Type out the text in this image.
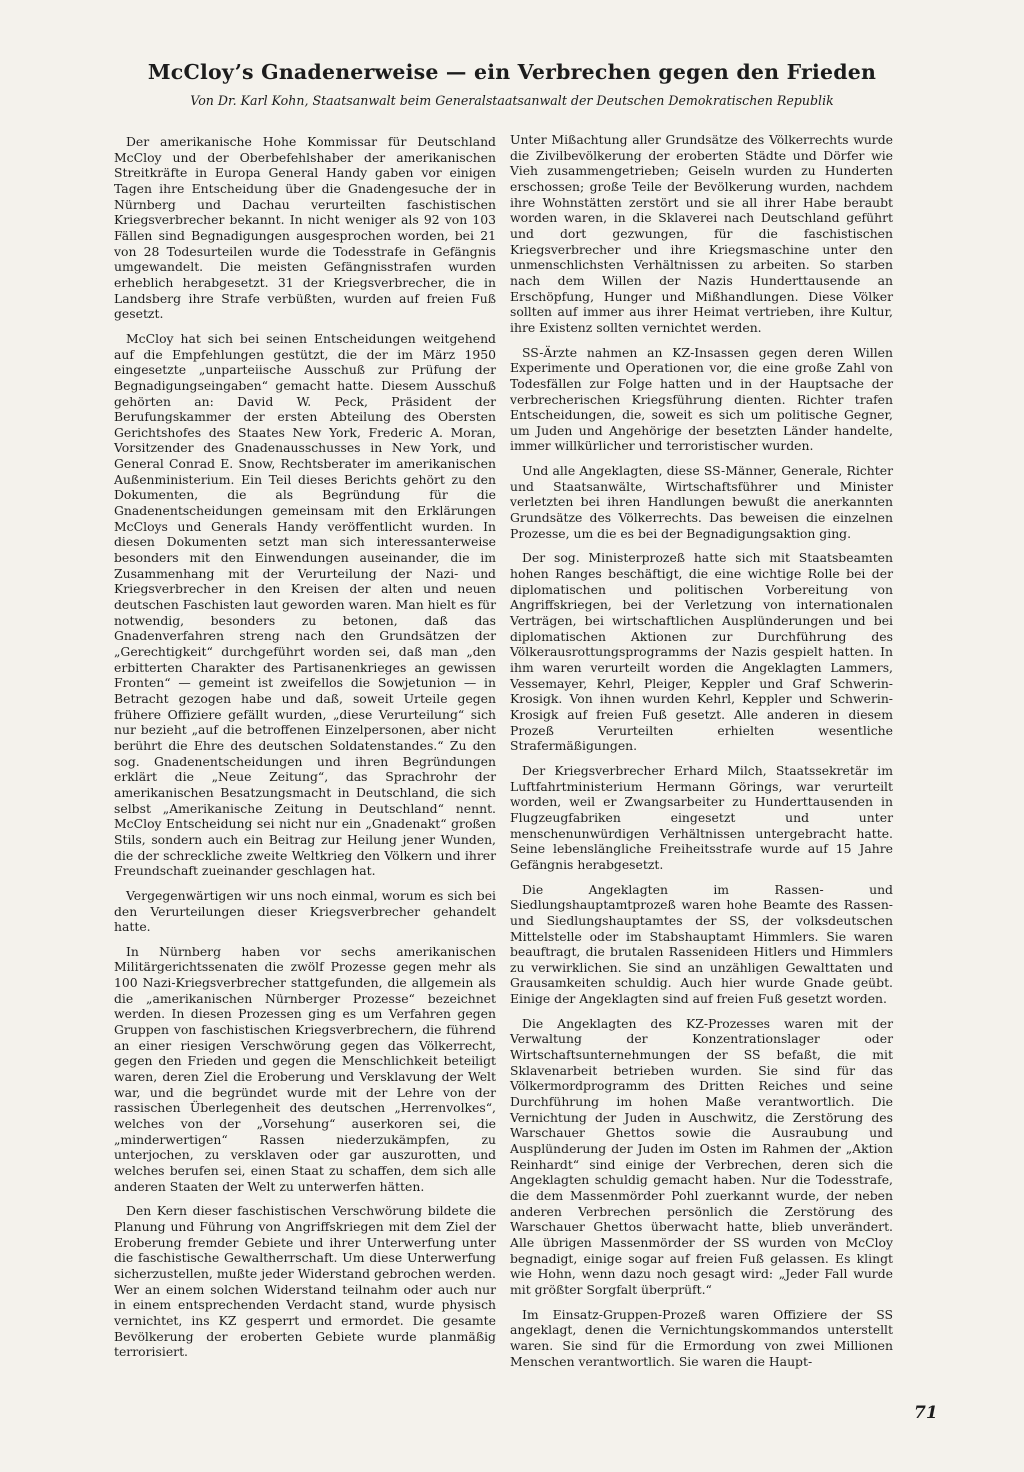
McCloy’s Gnadenerweise — ein Verbrechen gegen den Frieden
Von Dr. Karl Kohn, Staatsanwalt beim Generalstaatsanwalt der Deutschen Demokratischen Republik

Der amerikanische Hohe Kommissar für Deutschland McCloy und der Oberbefehlshaber der amerikanischen Streitkräfte in Europa General Handy gaben vor einigen Tagen ihre Entscheidung über die Gnadengesuche der in Nürnberg und Dachau verurteilten faschistischen Kriegsverbrecher bekannt. In nicht weniger als 92 von 103 Fällen sind Begnadigungen ausgesprochen worden, bei 21 von 28 Todesurteilen wurde die Todesstrafe in Gefängnis umgewandelt. Die meisten Gefängnisstrafen wurden erheblich herabgesetzt. 31 der Kriegsverbrecher, die in Landsberg ihre Strafe verbüßten, wurden auf freien Fuß gesetzt.

McCloy hat sich bei seinen Entscheidungen weitgehend auf die Empfehlungen gestützt, die der im März 1950 eingesetzte „unparteiische Ausschuß zur Prüfung der Begnadigungseingaben“ gemacht hatte. Diesem Ausschuß gehörten an: David W. Peck, Präsident der Berufungskammer der ersten Abteilung des Obersten Gerichtshofes des Staates New York, Frederic A. Moran, Vorsitzender des Gnadenausschusses in New York, und General Conrad E. Snow, Rechtsberater im amerikanischen Außenministerium. Ein Teil dieses Berichts gehört zu den Dokumenten, die als Begründung für die Gnadenentscheidungen gemeinsam mit den Erklärungen McCloys und Generals Handy veröffentlicht wurden. In diesen Dokumenten setzt man sich interessanterweise besonders mit den Einwendungen auseinander, die im Zusammenhang mit der Verurteilung der Nazi- und Kriegsverbrecher in den Kreisen der alten und neuen deutschen Faschisten laut geworden waren. Man hielt es für notwendig, besonders zu betonen, daß das Gnadenverfahren streng nach den Grundsätzen der „Gerechtigkeit“ durchgeführt worden sei, daß man „den erbitterten Charakter des Partisanenkrieges an gewissen Fronten“ — gemeint ist zweifellos die Sowjetunion — in Betracht gezogen habe und daß, soweit Urteile gegen frühere Offiziere gefällt wurden, „diese Verurteilung“ sich nur bezieht „auf die betroffenen Einzelpersonen, aber nicht berührt die Ehre des deutschen Soldatenstandes.“ Zu den sog. Gnadenentscheidungen und ihren Begründungen erklärt die „Neue Zeitung“, das Sprachrohr der amerikanischen Besatzungsmacht in Deutschland, die sich selbst „Amerikanische Zeitung in Deutschland“ nennt. McCloy Entscheidung sei nicht nur ein „Gnadenakt“ großen Stils, sondern auch ein Beitrag zur Heilung jener Wunden, die der schreckliche zweite Weltkrieg den Völkern und ihrer Freundschaft zueinander geschlagen hat.

Vergegenwärtigen wir uns noch einmal, worum es sich bei den Verurteilungen dieser Kriegsverbrecher gehandelt hatte.

In Nürnberg haben vor sechs amerikanischen Militärgerichtssenaten die zwölf Prozesse gegen mehr als 100 Nazi-Kriegsverbrecher stattgefunden, die allgemein als die „amerikanischen Nürnberger Prozesse“ bezeichnet werden. In diesen Prozessen ging es um Verfahren gegen Gruppen von faschistischen Kriegsverbrechern, die führend an einer riesigen Verschwörung gegen das Völkerrecht, gegen den Frieden und gegen die Menschlichkeit beteiligt waren, deren Ziel die Eroberung und Versklavung der Welt war, und die begründet wurde mit der Lehre von der rassischen Überlegenheit des deutschen „Herrenvolkes“, welches von der „Vorsehung“ auserkoren sei, die „minderwertigen“ Rassen niederzukämpfen, zu unterjochen, zu versklaven oder gar auszurotten, und welches berufen sei, einen Staat zu schaffen, dem sich alle anderen Staaten der Welt zu unterwerfen hätten.

Den Kern dieser faschistischen Verschwörung bildete die Planung und Führung von Angriffskriegen mit dem Ziel der Eroberung fremder Gebiete und ihrer Unterwerfung unter die faschistische Gewaltherrschaft. Um diese Unterwerfung sicherzustellen, mußte jeder Widerstand gebrochen werden. Wer an einem solchen Widerstand teilnahm oder auch nur in einem entsprechenden Verdacht stand, wurde physisch vernichtet, ins KZ gesperrt und ermordet. Die gesamte Bevölkerung der eroberten Gebiete wurde planmäßig terrorisiert.

Unter Mißachtung aller Grundsätze des Völkerrechts wurde die Zivilbevölkerung der eroberten Städte und Dörfer wie Vieh zusammengetrieben; Geiseln wurden zu Hunderten erschossen; große Teile der Bevölkerung wurden, nachdem ihre Wohnstätten zerstört und sie all ihrer Habe beraubt worden waren, in die Sklaverei nach Deutschland geführt und dort gezwungen, für die faschistischen Kriegsverbrecher und ihre Kriegsmaschine unter den unmenschlichsten Verhältnissen zu arbeiten. So starben nach dem Willen der Nazis Hunderttausende an Erschöpfung, Hunger und Mißhandlungen. Diese Völker sollten auf immer aus ihrer Heimat vertrieben, ihre Kultur, ihre Existenz sollten vernichtet werden.

SS-Ärzte nahmen an KZ-Insassen gegen deren Willen Experimente und Operationen vor, die eine große Zahl von Todesfällen zur Folge hatten und in der Hauptsache der verbrecherischen Kriegsführung dienten. Richter trafen Entscheidungen, die, soweit es sich um politische Gegner, um Juden und Angehörige der besetzten Länder handelte, immer willkürlicher und terroristischer wurden.

Und alle Angeklagten, diese SS-Männer, Generale, Richter und Staatsanwälte, Wirtschaftsführer und Minister verletzten bei ihren Handlungen bewußt die anerkannten Grundsätze des Völkerrechts. Das beweisen die einzelnen Prozesse, um die es bei der Begnadigungsaktion ging.

Der sog. Ministerprozeß hatte sich mit Staatsbeamten hohen Ranges beschäftigt, die eine wichtige Rolle bei der diplomatischen und politischen Vorbereitung von Angriffskriegen, bei der Verletzung von internationalen Verträgen, bei wirtschaftlichen Ausplünderungen und bei diplomatischen Aktionen zur Durchführung des Völkerausrottungsprogramms der Nazis gespielt hatten. In ihm waren verurteilt worden die Angeklagten Lammers, Vessemayer, Kehrl, Pleiger, Keppler und Graf Schwerin-Krosigk. Von ihnen wurden Kehrl, Keppler und Schwerin-Krosigk auf freien Fuß gesetzt. Alle anderen in diesem Prozeß Verurteilten erhielten wesentliche Strafermäßigungen.

Der Kriegsverbrecher Erhard Milch, Staatssekretär im Luftfahrtministerium Hermann Görings, war verurteilt worden, weil er Zwangsarbeiter zu Hunderttausenden in Flugzeugfabriken eingesetzt und unter menschenunwürdigen Verhältnissen untergebracht hatte. Seine lebenslängliche Freiheitsstrafe wurde auf 15 Jahre Gefängnis herabgesetzt.

Die Angeklagten im Rassen- und Siedlungshauptamtprozeß waren hohe Beamte des Rassen- und Siedlungshauptamtes der SS, der volksdeutschen Mittelstelle oder im Stabshauptamt Himmlers. Sie waren beauftragt, die brutalen Rassenideen Hitlers und Himmlers zu verwirklichen. Sie sind an unzähligen Gewalttaten und Grausamkeiten schuldig. Auch hier wurde Gnade geübt. Einige der Angeklagten sind auf freien Fuß gesetzt worden.

Die Angeklagten des KZ-Prozesses waren mit der Verwaltung der Konzentrationslager oder Wirtschaftsunternehmungen der SS befaßt, die mit Sklavenarbeit betrieben wurden. Sie sind für das Völkermordprogramm des Dritten Reiches und seine Durchführung im hohen Maße verantwortlich. Die Vernichtung der Juden in Auschwitz, die Zerstörung des Warschauer Ghettos sowie die Ausraubung und Ausplünderung der Juden im Osten im Rahmen der „Aktion Reinhardt“ sind einige der Verbrechen, deren sich die Angeklagten schuldig gemacht haben. Nur die Todesstrafe, die dem Massenmörder Pohl zuerkannt wurde, der neben anderen Verbrechen persönlich die Zerstörung des Warschauer Ghettos überwacht hatte, blieb unverändert. Alle übrigen Massenmörder der SS wurden von McCloy begnadigt, einige sogar auf freien Fuß gelassen. Es klingt wie Hohn, wenn dazu noch gesagt wird: „Jeder Fall wurde mit größter Sorgfalt überprüft.“

Im Einsatz-Gruppen-Prozeß waren Offiziere der SS angeklagt, denen die Vernichtungskommandos unterstellt waren. Sie sind für die Ermordung von zwei Millionen Menschen verantwortlich. Sie waren die Haupt-

71
